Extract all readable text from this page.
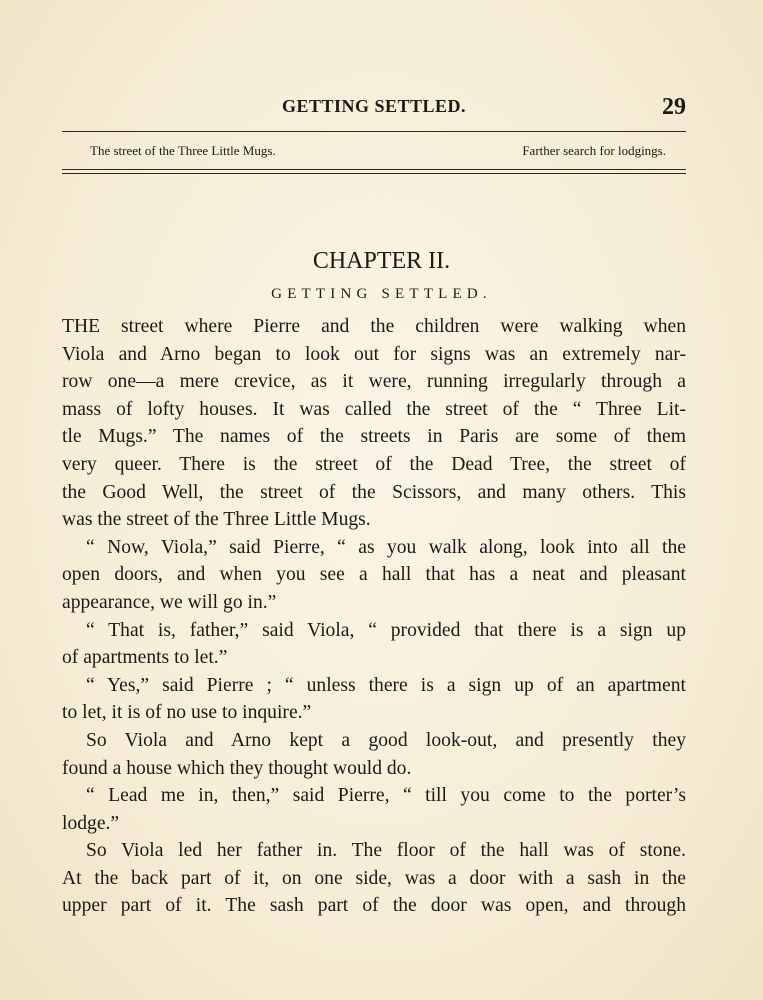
GETTING SETTLED.	29
The street of the Three Little Mugs.	Farther search for lodgings.
CHAPTER II.
GETTING SETTLED.
THE street where Pierre and the children were walking when
Viola and Arno began to look out for signs was an extremely nar-
row one—a mere crevice, as it were, running irregularly through a
mass of lofty houses. It was called the street of the “ Three Lit-
tle Mugs.” The names of the streets in Paris are some of them
very queer. There is the street of the Dead Tree, the street of
the Good Well, the street of the Scissors, and many others. This
was the street of the Three Little Mugs.
“ Now, Viola,” said Pierre, “ as you walk along, look into all the
open doors, and when you see a hall that has a neat and pleasant
appearance, we will go in.”
“ That is, father,” said Viola, “ provided that there is a sign up
of apartments to let.”
“ Yes,” said Pierre ; “ unless there is a sign up of an apartment
to let, it is of no use to inquire.”
So Viola and Arno kept a good look-out, and presently they
found a house which they thought would do.
“ Lead me in, then,” said Pierre, “ till you come to the porter’s
lodge.”
So Viola led her father in. The floor of the hall was of stone.
At the back part of it, on one side, was a door with a sash in the
upper part of it. The sash part of the door was open, and through
